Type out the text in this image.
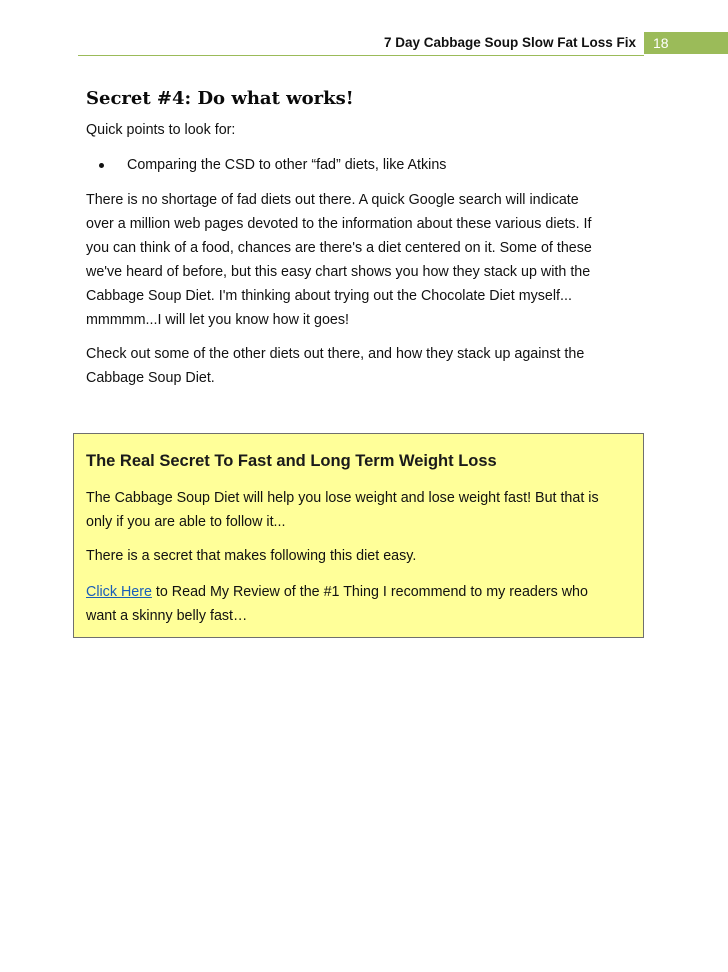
7 Day Cabbage Soup Slow Fat Loss Fix	18
Secret #4: Do what works!
Quick points to look for:
Comparing the CSD to other “fad” diets, like Atkins
There is no shortage of fad diets out there. A quick Google search will indicate
over a million web pages devoted to the information about these various diets. If
you can think of a food, chances are there's a diet centered on it. Some of these
we've heard of before, but this easy chart shows you how they stack up with the
Cabbage Soup Diet. I'm thinking about trying out the Chocolate Diet myself...
mmmmm...I will let you know how it goes!
Check out some of the other diets out there, and how they stack up against the
Cabbage Soup Diet.
The Real Secret To Fast and Long Term Weight Loss
The Cabbage Soup Diet will help you lose weight and lose weight fast! But that is
only if you are able to follow it...
There is a secret that makes following this diet easy.
Click Here to Read My Review of the #1 Thing I recommend to my readers who
want a skinny belly fast…
